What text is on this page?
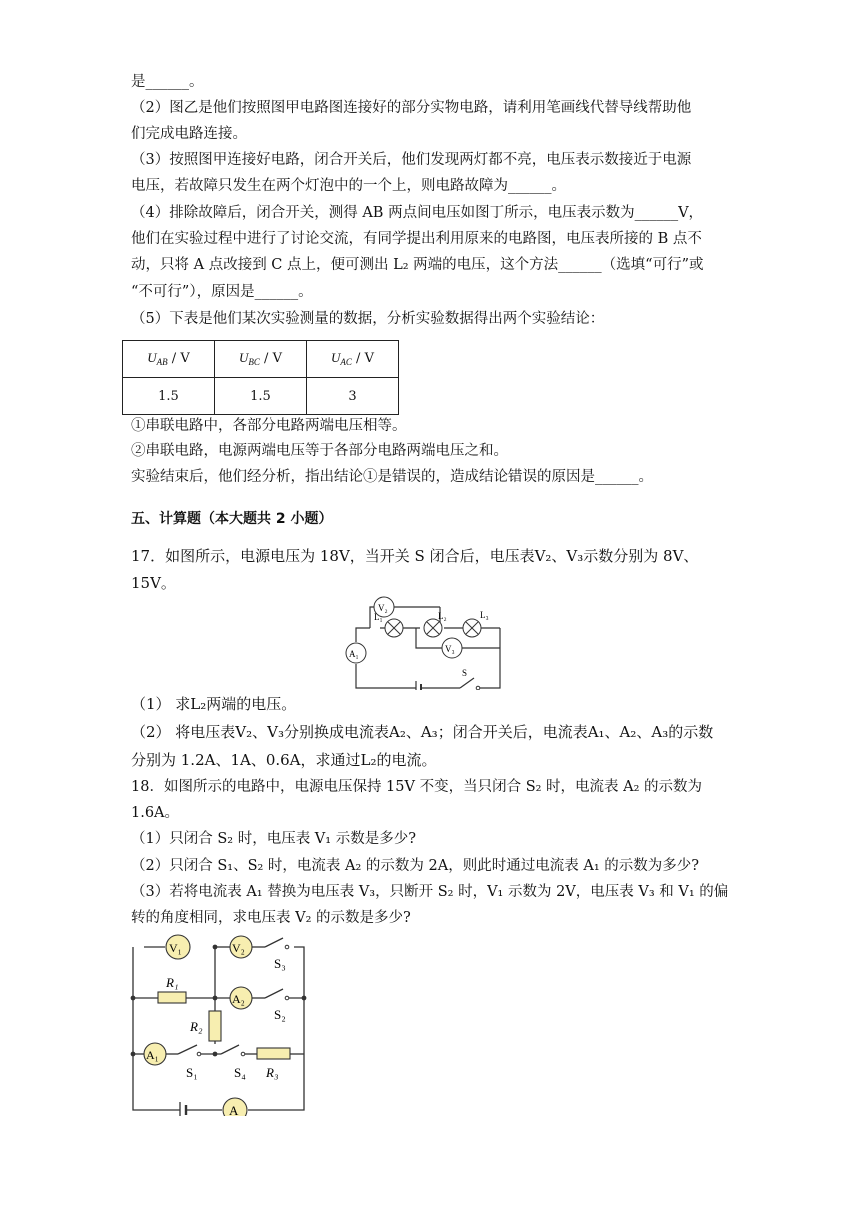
是______。
（2）图乙是他们按照图甲电路图连接好的部分实物电路，请利用笔画线代替导线帮助他
们完成电路连接。
（3）按照图甲连接好电路，闭合开关后，他们发现两灯都不亮，电压表示数接近于电源
电压，若故障只发生在两个灯泡中的一个上，则电路故障为______。
（4）排除故障后，闭合开关，测得 AB 两点间电压如图丁所示，电压表示数为______V，
他们在实验过程中进行了讨论交流，有同学提出利用原来的电路图，电压表所接的 B 点不
动，只将 A 点改接到 C 点上，便可测出 L₂ 两端的电压，这个方法______（选填“可行”或
“不可行”），原因是______。
（5）下表是他们某次实验测量的数据，分析实验数据得出两个实验结论：
$U_{AB}$ / V	$U_{BC}$ / V	$U_{AC}$ / V
1.5	1.5	3
①串联电路中，各部分电路两端电压相等。
②串联电路，电源两端电压等于各部分电路两端电压之和。
实验结束后，他们经分析，指出结论①是错误的，造成结论错误的原因是______。
五、计算题（本大题共 2 小题）
17．如图所示，电源电压为 18V，当开关 S 闭合后，电压表V₂、V₃示数分别为 8V、
15V。
V₂
V₃
A₁
L₁	L₂	L₃
S
（1） 求L₂两端的电压。
（2） 将电压表V₂、V₃分别换成电流表A₂、A₃；闭合开关后，电流表A₁、A₂、A₃的示数
分别为 1.2A、1A、0.6A，求通过L₂的电流。
18．如图所示的电路中，电源电压保持 15V 不变，当只闭合 S₂ 时，电流表 A₂ 的示数为
1.6A。
（1）只闭合 S₂ 时，电压表 V₁ 示数是多少?
（2）只闭合 S₁、S₂ 时，电流表 A₂ 的示数为 2A，则此时通过电流表 A₁ 的示数为多少?
（3）若将电流表 A₁ 替换为电压表 V₃，只断开 S₂ 时，V₁ 示数为 2V，电压表 V₃ 和 V₁ 的偏
转的角度相同，求电压表 V₂ 的示数是多少?
V₁	V₂
A₂
A₁
A
R₁
R₂
R₃
S₃
S₂
S₁	S₄
